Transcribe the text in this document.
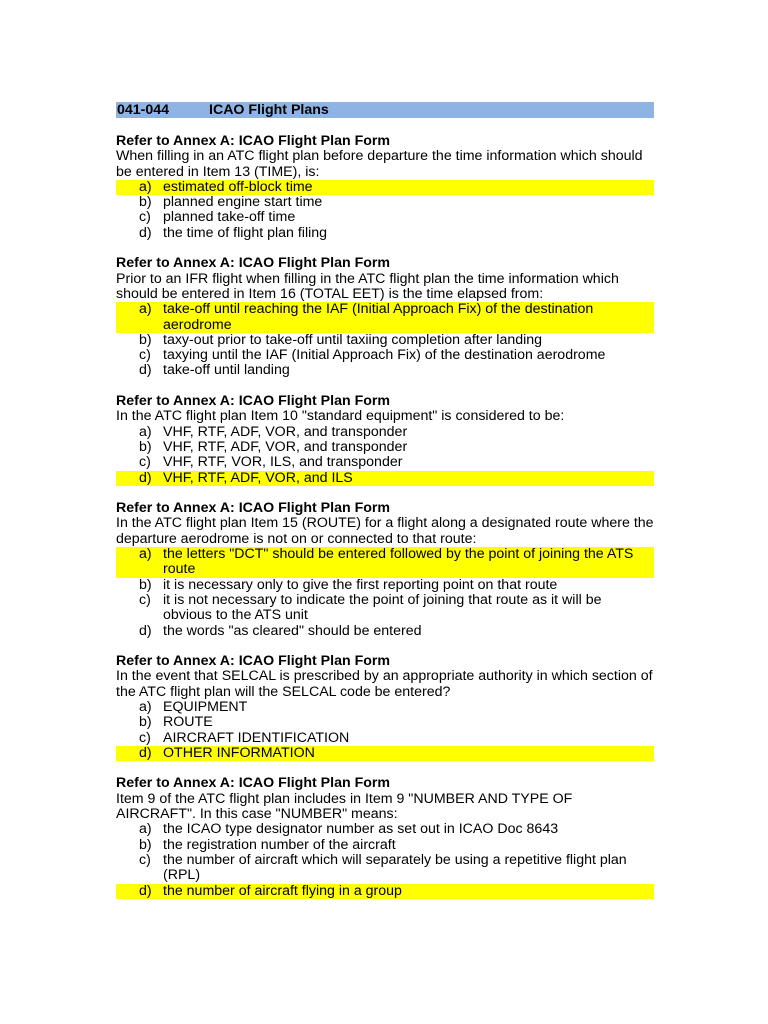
041-044	ICAO Flight Plans
Refer to Annex A: ICAO Flight Plan Form
When filling in an ATC flight plan before departure the time information which should be entered in Item 13 (TIME), is:
a) estimated off-block time
b) planned engine start time
c) planned take-off time
d) the time of flight plan filing
Refer to Annex A: ICAO Flight Plan Form
Prior to an IFR flight when filling in the ATC flight plan the time information which should be entered in Item 16 (TOTAL EET) is the time elapsed from:
a) take-off until reaching the IAF (Initial Approach Fix) of the destination aerodrome
b) taxy-out prior to take-off until taxiing completion after landing
c) taxying until the IAF (Initial Approach Fix) of the destination aerodrome
d) take-off until landing
Refer to Annex A: ICAO Flight Plan Form
In the ATC flight plan Item 10 "standard equipment" is considered to be:
a) VHF, RTF, ADF, VOR, and transponder
b) VHF, RTF, ADF, VOR, and transponder
c) VHF, RTF, VOR, ILS, and transponder
d) VHF, RTF, ADF, VOR, and ILS
Refer to Annex A: ICAO Flight Plan Form
In the ATC flight plan Item 15 (ROUTE) for a flight along a designated route where the departure aerodrome is not on or connected to that route:
a) the letters "DCT" should be entered followed by the point of joining the ATS route
b) it is necessary only to give the first reporting point on that route
c) it is not necessary to indicate the point of joining that route as it will be obvious to the ATS unit
d) the words "as cleared" should be entered
Refer to Annex A: ICAO Flight Plan Form
In the event that SELCAL is prescribed by an appropriate authority in which section of the ATC flight plan will the SELCAL code be entered?
a) EQUIPMENT
b) ROUTE
c) AIRCRAFT IDENTIFICATION
d) OTHER INFORMATION
Refer to Annex A: ICAO Flight Plan Form
Item 9 of the ATC flight plan includes in Item 9 "NUMBER AND TYPE OF AIRCRAFT". In this case "NUMBER" means:
a) the ICAO type designator number as set out in ICAO Doc 8643
b) the registration number of the aircraft
c) the number of aircraft which will separately be using a repetitive flight plan (RPL)
d) the number of aircraft flying in a group
